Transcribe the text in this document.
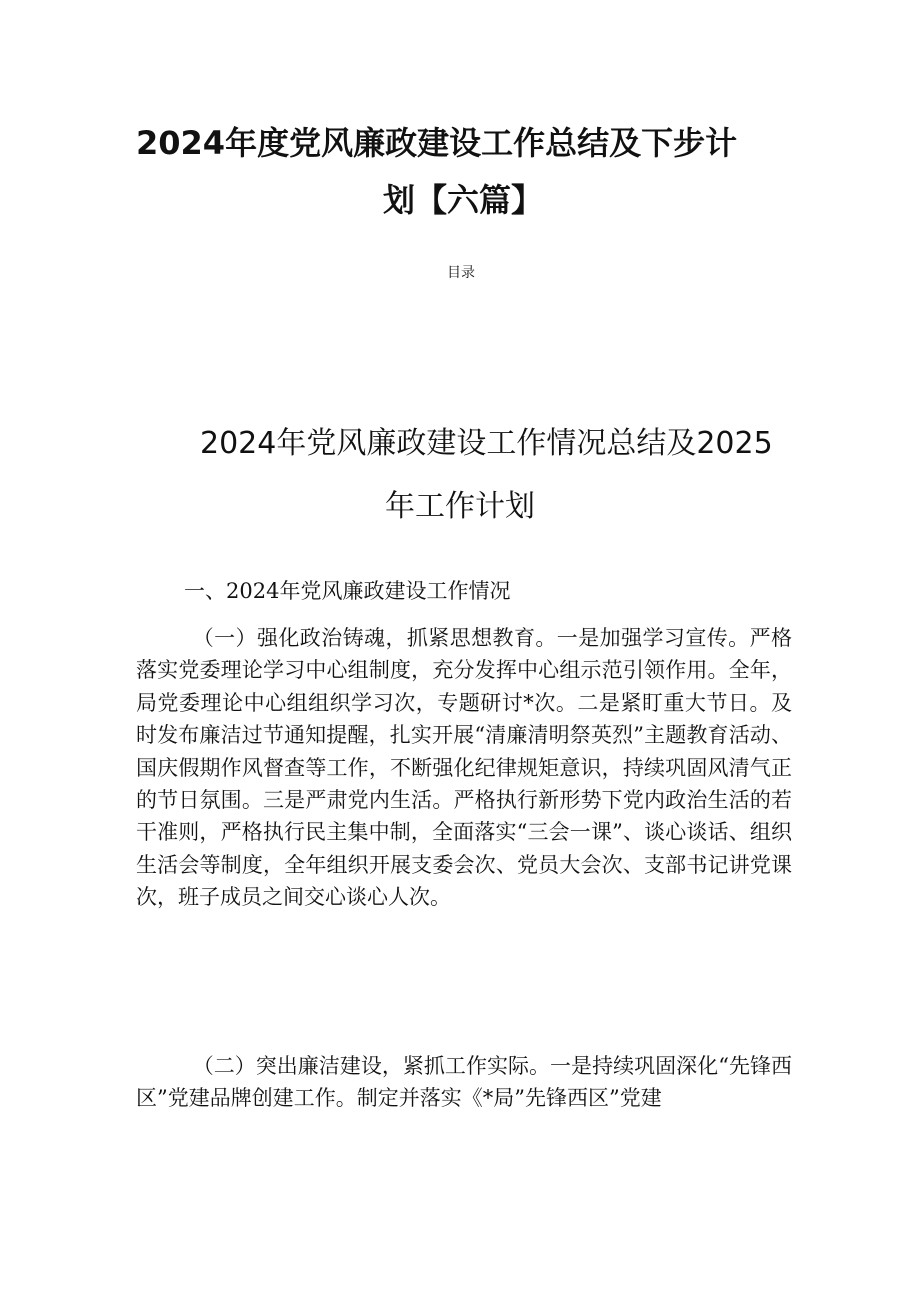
2024年度党风廉政建设工作总结及下步计
划【六篇】
目录
2024年党风廉政建设工作情况总结及2025
年工作计划
一、2024年党风廉政建设工作情况
（一）强化政治铸魂，抓紧思想教育。一是加强学习宣传。严格落实党委理论学习中心组制度，充分发挥中心组示范引领作用。全年，局党委理论中心组组织学习次，专题研讨*次。二是紧盯重大节日。及时发布廉洁过节通知提醒，扎实开展“清廉清明祭英烈”主题教育活动、国庆假期作风督查等工作，不断强化纪律规矩意识，持续巩固风清气正的节日氛围。三是严肃党内生活。严格执行新形势下党内政治生活的若干准则，严格执行民主集中制，全面落实“三会一课”、谈心谈话、组织生活会等制度，全年组织开展支委会次、党员大会次、支部书记讲党课次，班子成员之间交心谈心人次。
（二）突出廉洁建设，紧抓工作实际。一是持续巩固深化“先锋西区”党建品牌创建工作。制定并落实《*局”先锋西区”党建
